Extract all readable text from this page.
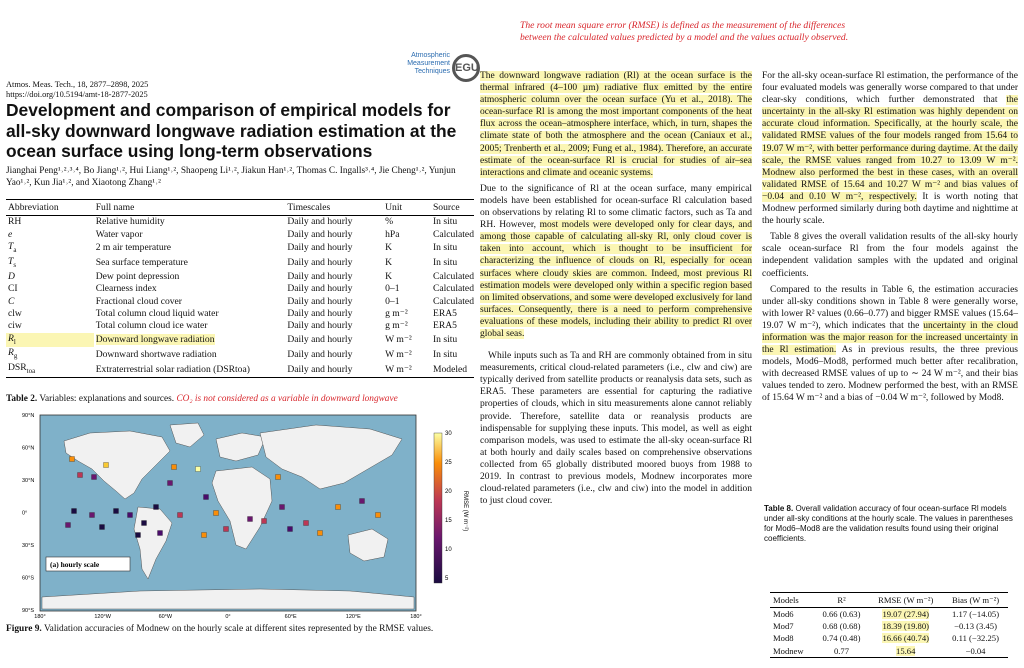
The root mean square error (RMSE) is defined as the measurement of the differences
between the calculated values predicted by a model and the values actually observed.
Atmos. Meas. Tech., 18, 2877–2898, 2025
https://doi.org/10.5194/amt-18-2877-2025
Atmospheric
Measurement
Techniques EGU
Development and comparison of empirical models for all-sky downward longwave radiation estimation at the ocean surface using long-term observations
Jianghai Peng¹˒²˒³˒⁴, Bo Jiang¹˒², Hui Liang¹˒², Shaopeng Li¹˒², Jiakun Han¹˒², Thomas C. Ingalls³˒⁴, Jie Cheng¹˒², Yunjun Yao¹˒², Kun Jia¹˒², and Xiaotong Zhang¹˒²
Abbreviation	Full name	Timescales	Unit	Source
RH	Relative humidity	Daily and hourly	%	In situ
e	Water vapor	Daily and hourly	hPa	Calculated
$T_a$	2 m air temperature	Daily and hourly	K	In situ
$T_s$	Sea surface temperature	Daily and hourly	K	In situ
D	Dew point depression	Daily and hourly	K	Calculated
CI	Clearness index	Daily and hourly	0–1	Calculated
C	Fractional cloud cover	Daily and hourly	0–1	Calculated
clw	Total column cloud liquid water	Daily and hourly	g m⁻²	ERA5
ciw	Total column cloud ice water	Daily and hourly	g m⁻²	ERA5
$R_l$	Downward longwave radiation	Daily and hourly	W m⁻²	In situ
$R_g$	Downward shortwave radiation	Daily and hourly	W m⁻²	In situ
$DSR_{toa}$	Extraterrestrial solar radiation (DSRtoa)	Daily and hourly	W m⁻²	Modeled
Table 2. Variables: explanations and sources. CO₂ is not considered as a variable in downward longwave
90°N
60°N
30°N
0°
30°S
60°S
90°S
180°	120°W	60°W	0°	60°E	120°E	180°
(a) hourly scale
30
25
20
15
10
5
RMSE (W m⁻²)
Figure 9. Validation accuracies of Modnew on the hourly scale at different sites represented by the RMSE values.

The downward longwave radiation (Rl) at the ocean surface is the thermal infrared (4–100 µm) radiative flux emitted by the entire atmospheric column over the ocean surface (Yu et al., 2018). The ocean-surface Rl is among the most important components of the heat flux across the ocean–atmosphere interface, which, in turn, shapes the climate state of both the atmosphere and the ocean (Caniaux et al., 2005; Trenberth et al., 2009; Fung et al., 1984). Therefore, an accurate estimate of the ocean-surface Rl is crucial for studies of air–sea interactions and climate and oceanic systems.

Due to the significance of Rl at the ocean surface, many empirical models have been established for ocean-surface Rl calculation based on observations by relating Rl to some climatic factors, such as Ta and RH. However, most models were developed only for clear days, and among those capable of calculating all-sky Rl, only cloud cover is taken into account, which is thought to be insufficient for characterizing the influence of clouds on Rl, especially for ocean surfaces where cloudy skies are common. Indeed, most previous Rl estimation models were developed only within a specific region based on limited observations, and some were developed exclusively for land surfaces. Consequently, there is a need to perform comprehensive evaluations of these models, including their ability to predict Rl over global seas.

While inputs such as Ta and RH are commonly obtained from in situ measurements, critical cloud-related parameters (i.e., clw and ciw) are typically derived from satellite products or reanalysis data sets, such as ERA5. These parameters are essential for capturing the radiative properties of clouds, which in situ measurements alone cannot reliably provide. Therefore, satellite data or reanalysis products are indispensable for supplying these inputs. This model, as well as eight comparison models, was used to estimate the all-sky ocean-surface Rl at both hourly and daily scales based on comprehensive observations collected from 65 globally distributed moored buoys from 1988 to 2019. In contrast to previous models, Modnew incorporates more cloud-related parameters (i.e., clw and ciw) into the model in addition to just cloud cover.

For the all-sky ocean-surface Rl estimation, the performance of the four evaluated models was generally worse compared to that under clear-sky conditions, which further demonstrated that the uncertainty in the all-sky Rl estimation was highly dependent on accurate cloud information. Specifically, at the hourly scale, the validated RMSE values of the four models ranged from 15.64 to 19.07 W m⁻², with better performance during daytime. At the daily scale, the RMSE values ranged from 10.27 to 13.09 W m⁻². Modnew also performed the best in these cases, with an overall validated RMSE of 15.64 and 10.27 W m⁻² and bias values of −0.04 and 0.10 W m⁻², respectively. It is worth noting that Modnew performed similarly during both daytime and nighttime at the hourly scale.

Table 8 gives the overall validation results of the all-sky hourly scale ocean-surface Rl from the four models against the independent validation samples with the updated and original coefficients.

Compared to the results in Table 6, the estimation accuracies under all-sky conditions shown in Table 8 were generally worse, with lower R² values (0.66–0.77) and bigger RMSE values (15.64–19.07 W m⁻²), which indicates that the uncertainty in the cloud information was the major reason for the increased uncertainty in the Rl estimation. As in previous results, the three previous models, Mod6–Mod8, performed much better after recalibration, with decreased RMSE values of up to ∼ 24 W m⁻², and their bias values tended to zero. Modnew performed the best, with an RMSE of 15.64 W m⁻² and a bias of −0.04 W m⁻², followed by Mod8.

Table 8. Overall validation accuracy of four ocean-surface Rl models under all-sky conditions at the hourly scale. The values in parentheses for Mod6–Mod8 are the validation results found using their original coefficients.
Models	R²	RMSE (W m⁻²)	Bias (W m⁻²)
Mod6	0.66 (0.63)	19.07 (27.94)	1.17 (−14.05)
Mod7	0.68 (0.68)	18.39 (19.80)	−0.13 (3.45)
Mod8	0.74 (0.48)	16.66 (40.74)	0.11 (−32.25)
Modnew	0.77	15.64	−0.04
